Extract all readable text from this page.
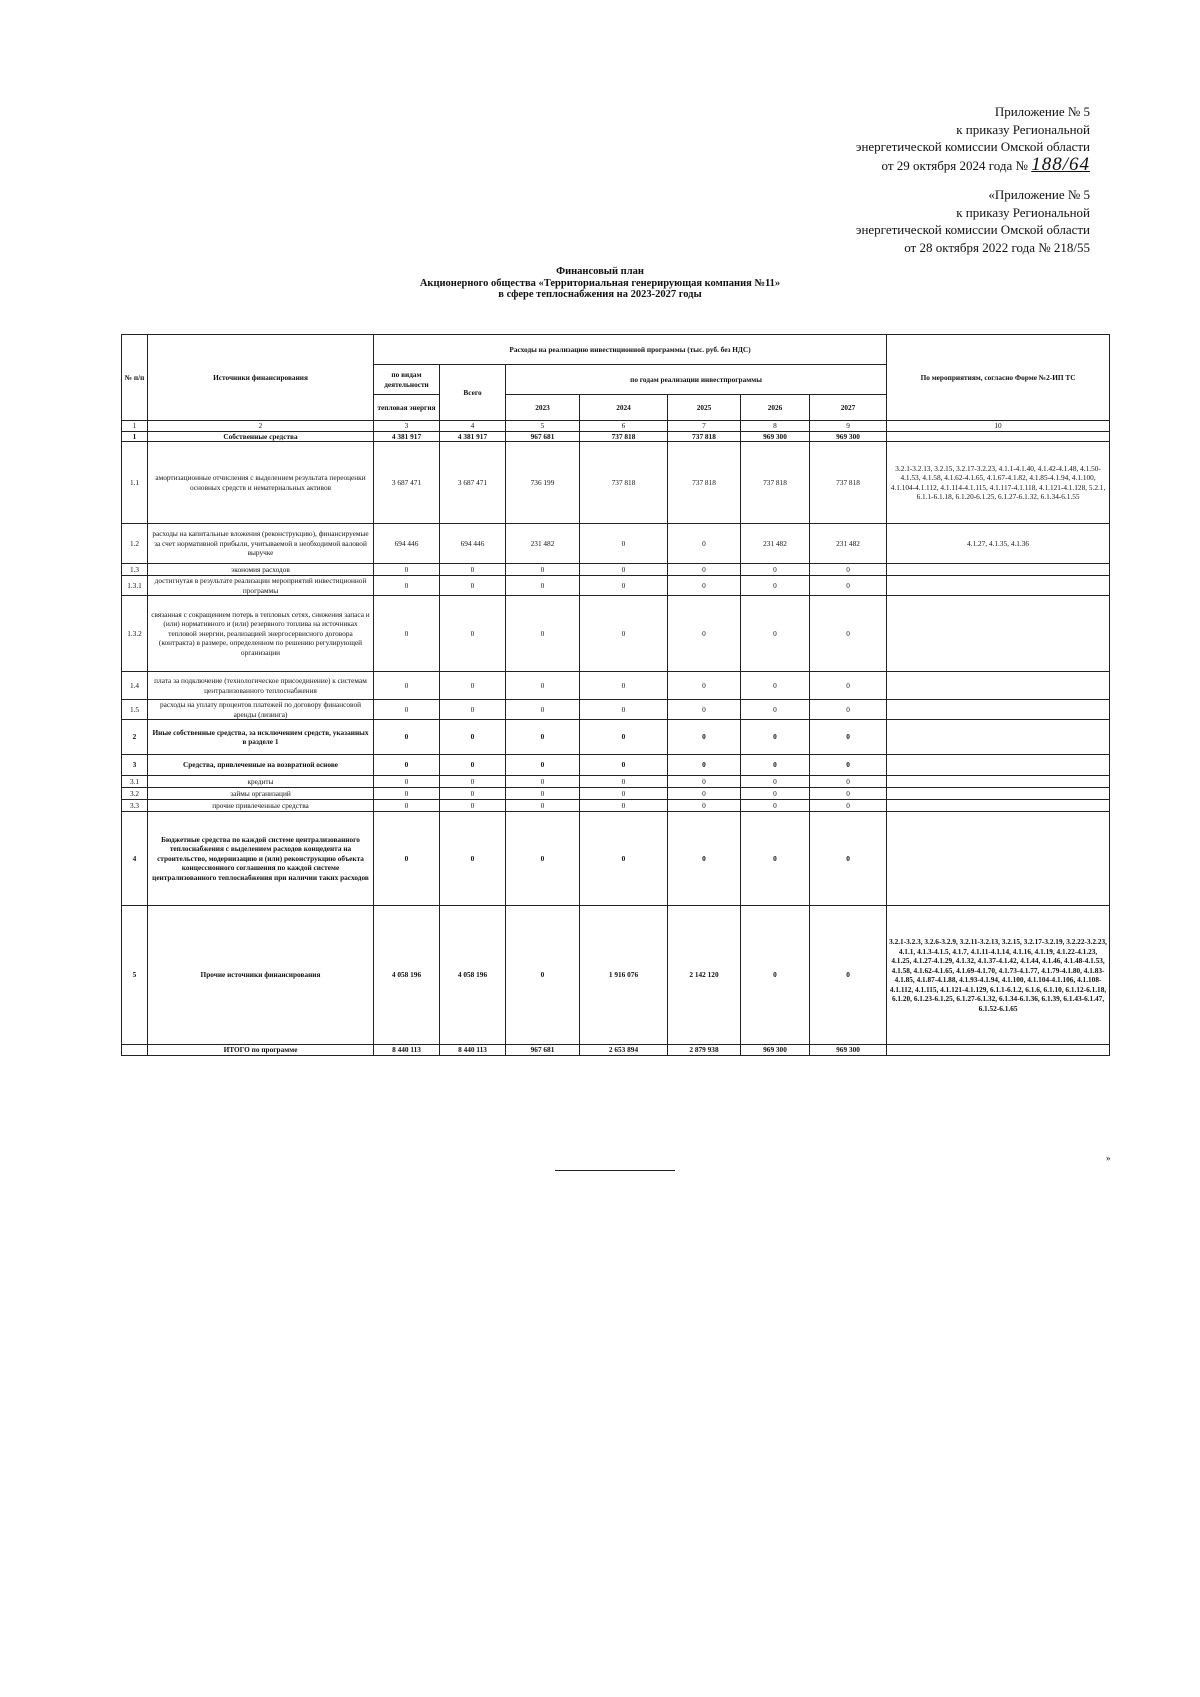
Приложение № 5
к приказу Региональной
энергетической комиссии Омской области
от 29 октября 2024 года № 188/64
«Приложение № 5
к приказу Региональной
энергетической комиссии Омской области
от 28 октября 2022 года № 218/55
Финансовый план
Акционерного общества «Территориальная генерирующая компания №11»
в сфере теплоснабжения на 2023-2027 годы
№ п/п	Источники финансирования	Расходы на реализацию инвестиционной программы (тыс. руб. без НДС)							По мероприятиям, согласно Форме №2-ИП ТС
		по видам деятельности	Всего	по годам реализации инвестпрограммы					
		тепловая энергия		2023	2024	2025	2026	2027	
1	2	3	4	5	6	7	8	9	10
1	Собственные средства	4 381 917	4 381 917	967 681	737 818	737 818	969 300	969 300	
1.1	амортизационные отчисления с выделением результата переоценки основных средств и нематериальных активов	3 687 471	3 687 471	736 199	737 818	737 818	737 818	737 818	3.2.1-3.2.13, 3.2.15, 3.2.17-3.2.23, 4.1.1-4.1.40, 4.1.42-4.1.48, 4.1.50-4.1.53, 4.1.58, 4.1.62-4.1.65, 4.1.67-4.1.82, 4.1.85-4.1.94, 4.1.100, 4.1.104-4.1.112, 4.1.114-4.1.115, 4.1.117-4.1.118, 4.1.121-4.1.128, 5.2.1, 6.1.1-6.1.18, 6.1.20-6.1.25, 6.1.27-6.1.32, 6.1.34-6.1.55
1.2	расходы на капитальные вложения (реконструкцию), финансируемые за счет нормативной прибыли, учитываемой в необходимой валовой выручке	694 446	694 446	231 482	0	0	231 482	231 482	4.1.27, 4.1.35, 4.1.36
1.3	экономия расходов	0	0	0	0	0	0	0	
1.3.1	достигнутая в результате реализации мероприятий инвестиционной программы	0	0	0	0	0	0	0	
1.3.2	связанная с сокращением потерь в тепловых сетях, снижения запаса и (или) нормативного и (или) резервного топлива на источниках тепловой энергии, реализацией энергосервисного договора (контракта) в размере, определенном по решению регулирующей организации	0	0	0	0	0	0	0	
1.4	плата за подключение (технологическое присоединение) к системам централизованного теплоснабжения	0	0	0	0	0	0	0	
1.5	расходы на уплату процентов платежей по договору финансовой аренды (лизинга)	0	0	0	0	0	0	0	
2	Иные собственные средства, за исключением средств, указанных в разделе 1	0	0	0	0	0	0	0	
3	Средства, привлеченные на возвратной основе	0	0	0	0	0	0	0	
3.1	кредиты	0	0	0	0	0	0	0	
3.2	займы организаций	0	0	0	0	0	0	0	
3.3	прочие привлеченные средства	0	0	0	0	0	0	0	
4	Бюджетные средства по каждой системе централизованного теплоснабжения с выделением расходов концедента на строительство, модернизацию и (или) реконструкцию объекта концессионного соглашения по каждой системе централизованного теплоснабжения при наличии таких расходов	0	0	0	0	0	0	0	
5	Прочие источники финансирования	4 058 196	4 058 196	0	1 916 076	2 142 120	0	0	3.2.1-3.2.3, 3.2.6-3.2.9, 3.2.11-3.2.13, 3.2.15, 3.2.17-3.2.19, 3.2.22-3.2.23, 4.1.1, 4.1.3-4.1.5, 4.1.7, 4.1.11-4.1.14, 4.1.16, 4.1.19, 4.1.22-4.1.23, 4.1.25, 4.1.27-4.1.29, 4.1.32, 4.1.37-4.1.42, 4.1.44, 4.1.46, 4.1.48-4.1.53, 4.1.58, 4.1.62-4.1.65, 4.1.69-4.1.70, 4.1.73-4.1.77, 4.1.79-4.1.80, 4.1.83-4.1.85, 4.1.87-4.1.88, 4.1.93-4.1.94, 4.1.100, 4.1.104-4.1.106, 4.1.108-4.1.112, 4.1.115, 4.1.121-4.1.129, 6.1.1-6.1.2, 6.1.6, 6.1.10, 6.1.12-6.1.18, 6.1.20, 6.1.23-6.1.25, 6.1.27-6.1.32, 6.1.34-6.1.36, 6.1.39, 6.1.43-6.1.47, 6.1.52-6.1.65
	ИТОГО по программе	8 440 113	8 440 113	967 681	2 653 894	2 879 938	969 300	969 300	
»
